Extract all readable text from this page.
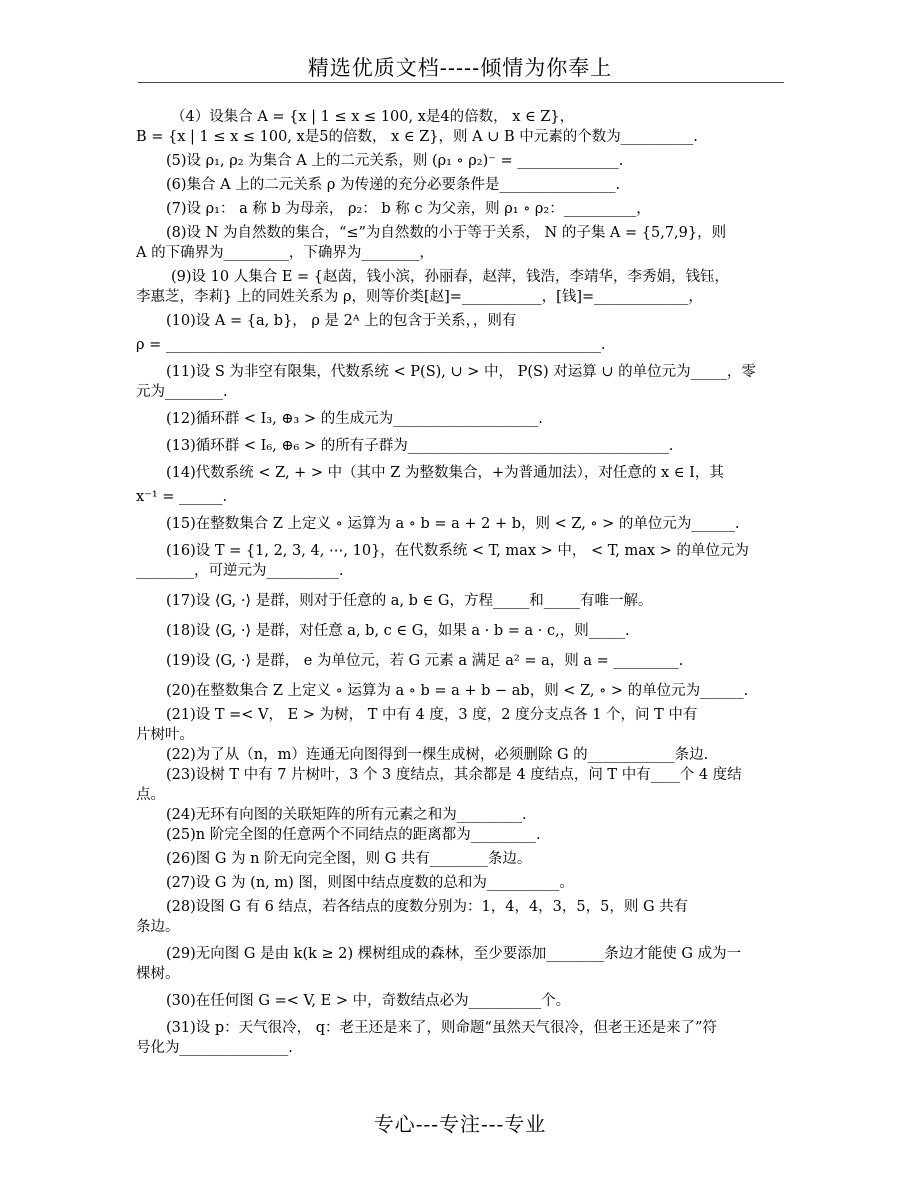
精选优质文档-----倾情为你奉上
（4）设集合 A = {x | 1 ≤ x ≤ 100, x是4的倍数， x ∈ Z}，
B = {x | 1 ≤ x ≤ 100, x是5的倍数， x ∈ Z}，则 A ∪ B 中元素的个数为__________.
(5)设 ρ₁, ρ₂ 为集合 A 上的二元关系，则 (ρ₁ ∘ ρ₂)⁻ = ______________.
(6)集合 A 上的二元关系 ρ 为传递的充分必要条件是________________.
(7)设 ρ₁： a 称 b 为母亲， ρ₂： b 称 c 为父亲，则 ρ₁ ∘ ρ₂：__________，
(8)设 N 为自然数的集合，“≤”为自然数的小于等于关系， N 的子集 A = {5,7,9}，则
A 的下确界为_________，下确界为________，
(9)设 10 人集合 E = {赵茵，钱小滨，孙丽春，赵萍，钱浩，李靖华，李秀娟，钱钰，
李惠芝，李莉} 上的同姓关系为 ρ，则等价类[赵]=___________，[钱]=_____________，
(10)设 A = {a, b}， ρ 是 2ᴬ 上的包含于关系，，则有
ρ = ____________________________________________________________.
(11)设 S 为非空有限集，代数系统 < P(S), ∪ > 中， P(S) 对运算 ∪ 的单位元为_____，零
元为________.
(12)循环群 < I₃, ⊕₃ > 的生成元为____________________.
(13)循环群 < I₆, ⊕₆ > 的所有子群为____________________________________.
(14)代数系统 < Z, + > 中（其中 Z 为整数集合，+为普通加法），对任意的 x ∈ I，其
x⁻¹ = ______.
(15)在整数集合 Z 上定义 ∘ 运算为 a ∘ b = a + 2 + b，则 < Z, ∘ > 的单位元为______.
(16)设 T = {1, 2, 3, 4, ⋯, 10}，在代数系统 < T, max > 中， < T, max > 的单位元为
________，可逆元为__________.
(17)设 ⟨G, ·⟩ 是群，则对于任意的 a, b ∈ G，方程_____和_____有唯一解。
(18)设 ⟨G, ·⟩ 是群，对任意 a, b, c ∈ G，如果 a · b = a · c,，则_____.
(19)设 ⟨G, ·⟩ 是群， e 为单位元，若 G 元素 a 满足 a² = a，则 a = _________.
(20)在整数集合 Z 上定义 ∘ 运算为 a ∘ b = a + b − ab，则 < Z, ∘ > 的单位元为______.
(21)设 T =< V， E > 为树， T 中有 4 度，3 度，2 度分支点各 1 个，问 T 中有
片树叶。
(22)为了从（n，m）连通无向图得到一棵生成树，必须删除 G 的____________条边.
(23)设树 T 中有 7 片树叶，3 个 3 度结点，其余都是 4 度结点，问 T 中有____个 4 度结
点。
(24)无环有向图的关联矩阵的所有元素之和为_________.
(25)n 阶完全图的任意两个不同结点的距离都为_________.
(26)图 G 为 n 阶无向完全图，则 G 共有________条边。
(27)设 G 为 (n, m) 图，则图中结点度数的总和为__________。
(28)设图 G 有 6 结点，若各结点的度数分别为：1，4，4，3，5，5，则 G 共有
条边。
(29)无向图 G 是由 k(k ≥ 2) 棵树组成的森林，至少要添加________条边才能使 G 成为一
棵树。
(30)在任何图 G =< V, E > 中，奇数结点必为__________个。
(31)设 p：天气很冷， q：老王还是来了，则命题“虽然天气很冷，但老王还是来了”符
号化为_______________.
专心---专注---专业
